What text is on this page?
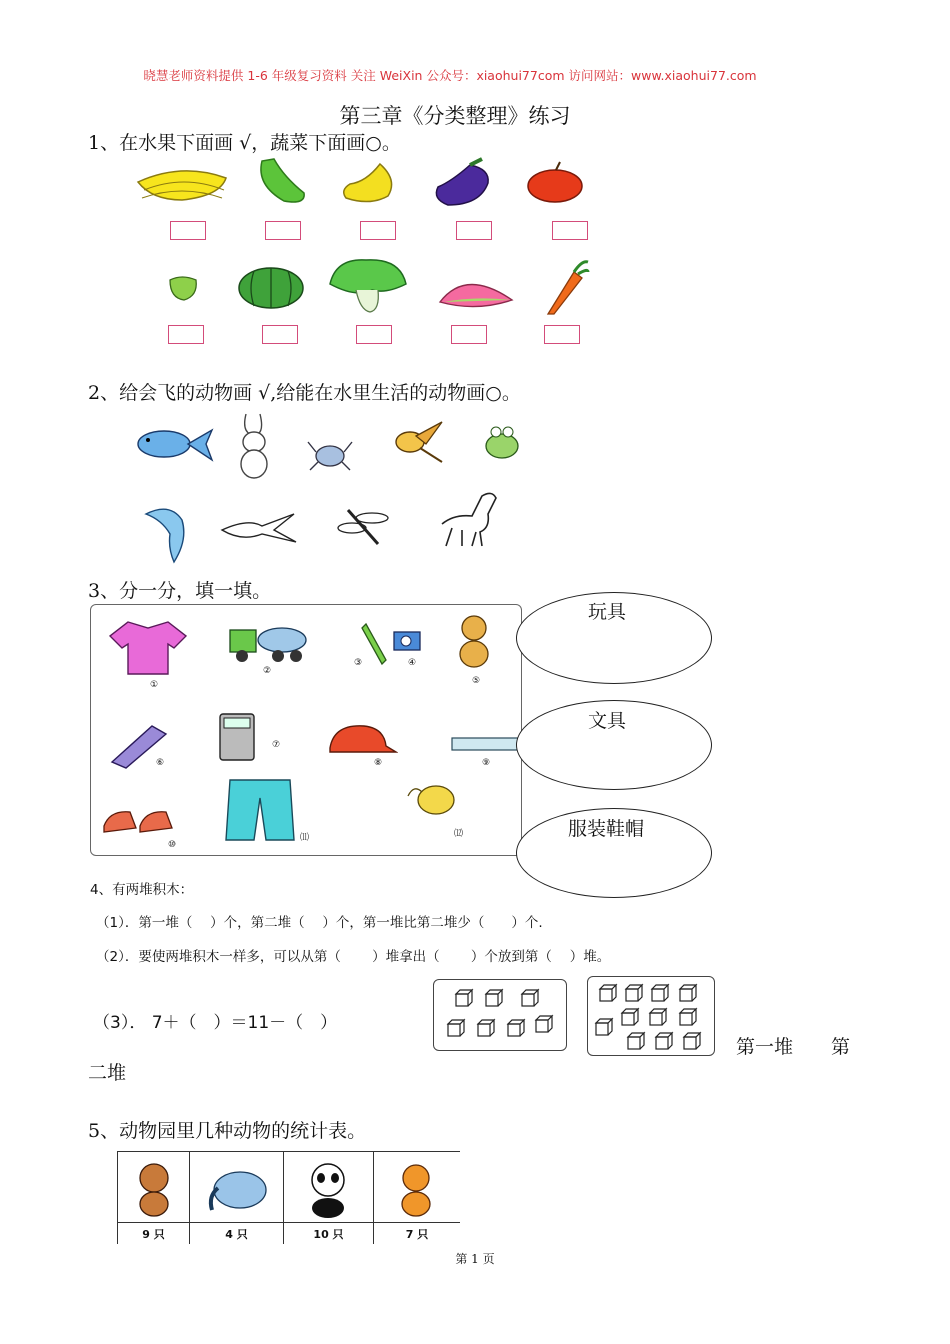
晓慧老师资料提供 1-6 年级复习资料 关注 WeiXin 公众号：xiaohui77com 访问网站：www.xiaohui77.com
第三章《分类整理》练习
1、在水果下面画 √，蔬菜下面画○。
2、给会飞的动物画 √,给能在水里生活的动物画○。
3、分一分，填一填。
①
②
③	④
⑤
⑥
⑦
⑧	⑨
⑩
⑾	⑿
玩具
文具
服装鞋帽
4、有两堆积木：
（1）．第一堆（　 ）个，第二堆（　 ）个，第一堆比第二堆少（　　）个.
（2）．要使两堆积木一样多，可以从第（　　 ）堆拿出（　　 ）个放到第（　 ）堆。
（3）． 7＋（　）＝11－（　）
第一堆　　第
二堆
5、动物园里几种动物的统计表。
9 只	4 只	10 只	7 只
第 1 页
